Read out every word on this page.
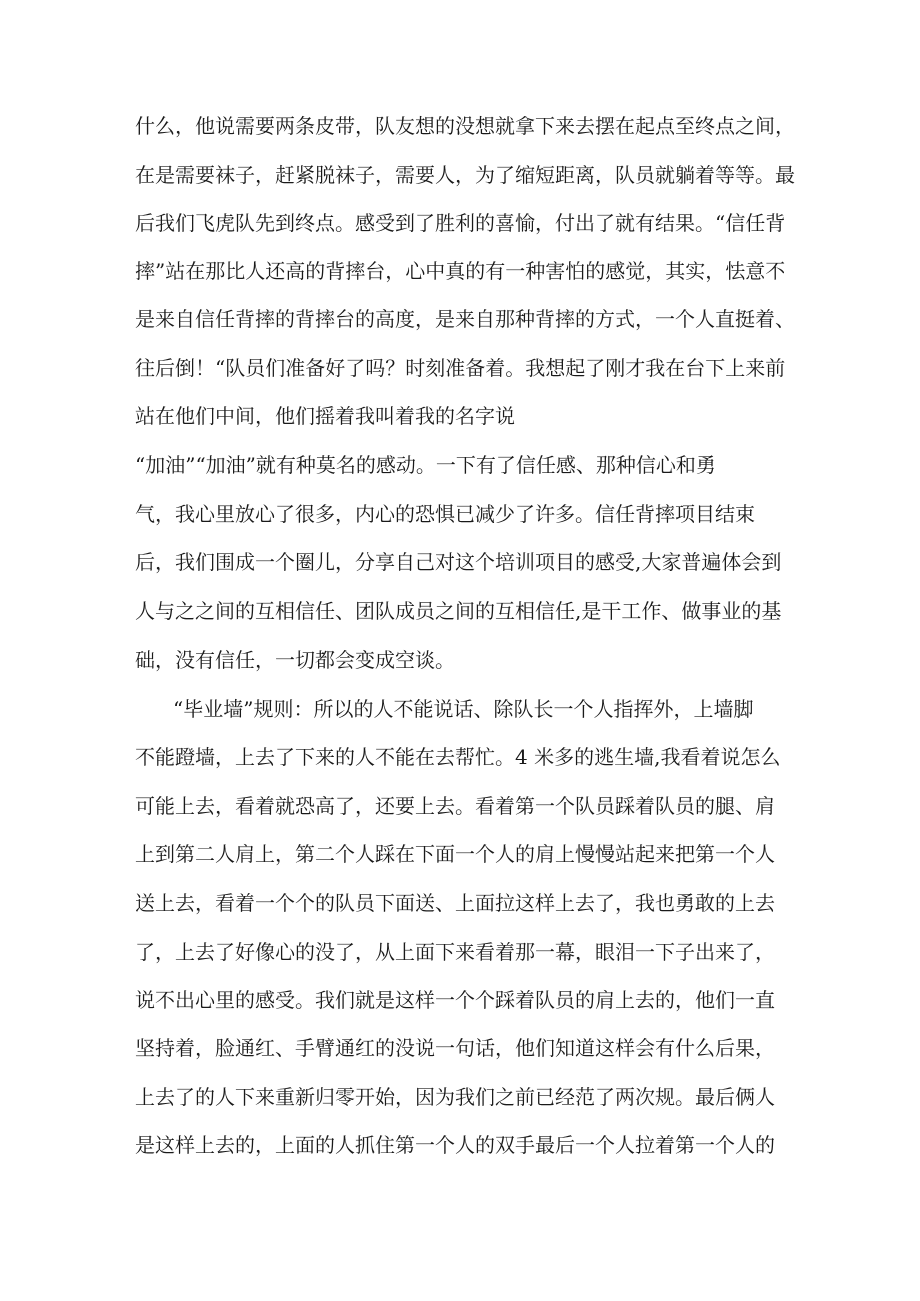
什么，他说需要两条皮带，队友想的没想就拿下来去摆在起点至终点之间，
在是需要袜子，赶紧脱袜子，需要人，为了缩短距离，队员就躺着等等。最
后我们飞虎队先到终点。感受到了胜利的喜愉，付出了就有结果。“信任背
摔”站在那比人还高的背摔台，心中真的有一种害怕的感觉，其实，怯意不
是来自信任背摔的背摔台的高度，是来自那种背摔的方式，一个人直挺着、
往后倒！“队员们准备好了吗？时刻准备着。我想起了刚才我在台下上来前
站在他们中间，他们摇着我叫着我的名字说
“加油”“加油”就有种莫名的感动。一下有了信任感、那种信心和勇
气，我心里放心了很多，内心的恐惧已减少了许多。信任背摔项目结束
后，我们围成一个圈儿，分享自己对这个培训项目的感受,大家普遍体会到
人与之之间的互相信任、团队成员之间的互相信任,是干工作、做事业的基
础，没有信任，一切都会变成空谈。
“毕业墙”规则：所以的人不能说话、除队长一个人指挥外，上墙脚
不能蹬墙，上去了下来的人不能在去帮忙。4 米多的逃生墙,我看着说怎么
可能上去，看着就恐高了，还要上去。看着第一个队员踩着队员的腿、肩
上到第二人肩上，第二个人踩在下面一个人的肩上慢慢站起来把第一个人
送上去，看着一个个的队员下面送、上面拉这样上去了，我也勇敢的上去
了，上去了好像心的没了，从上面下来看着那一幕，眼泪一下子出来了，
说不出心里的感受。我们就是这样一个个踩着队员的肩上去的，他们一直
坚持着，脸通红、手臂通红的没说一句话，他们知道这样会有什么后果，
上去了的人下来重新归零开始，因为我们之前已经范了两次规。最后俩人
是这样上去的，上面的人抓住第一个人的双手最后一个人拉着第一个人的
